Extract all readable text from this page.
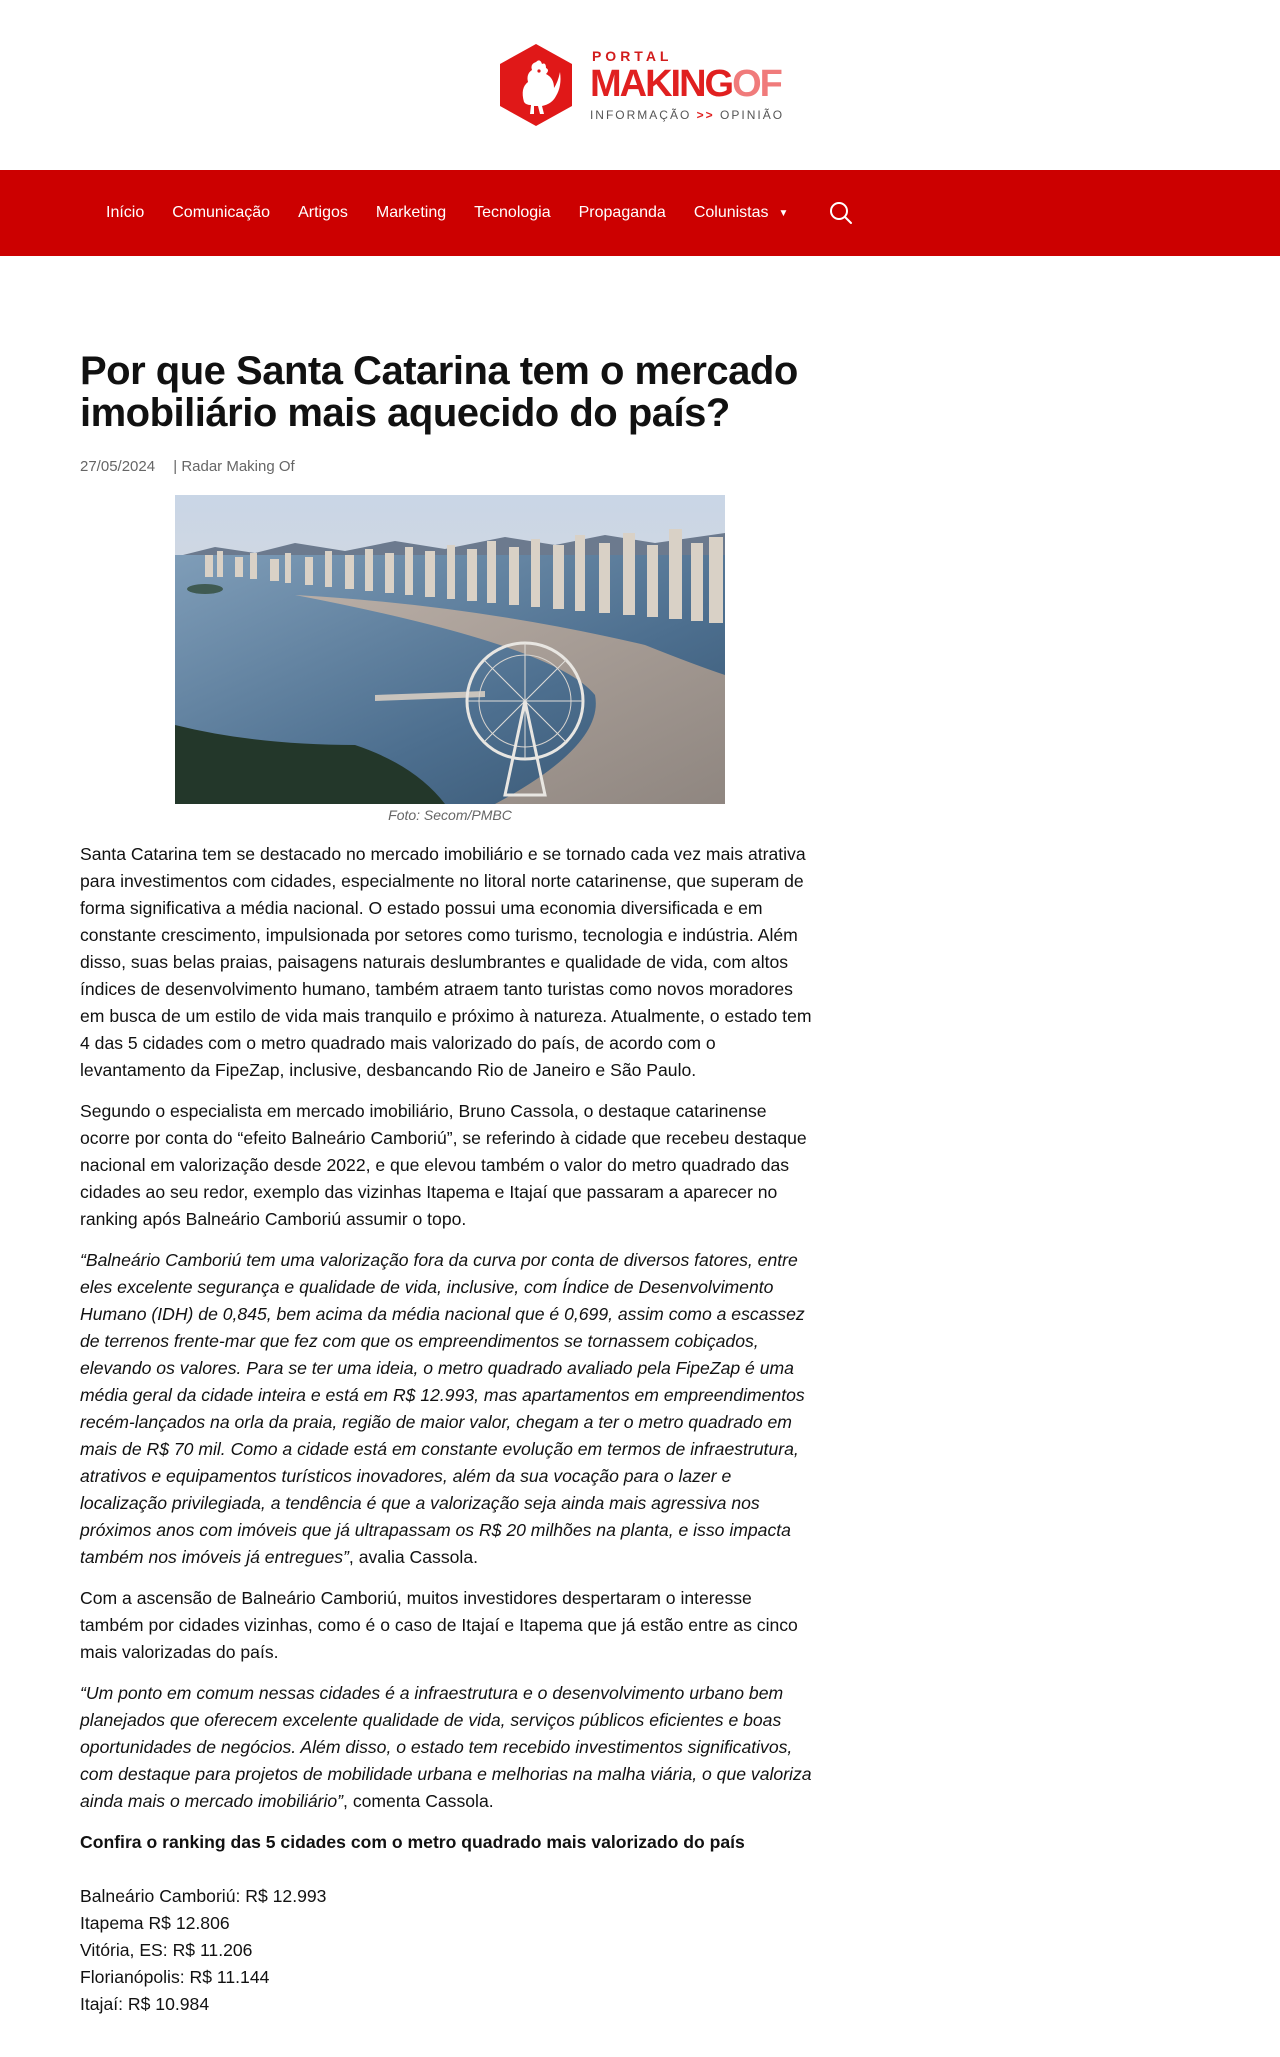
PORTAL
MAKINGOF
INFORMAÇÃO >> OPINIÃO
Início	Comunicação	Artigos	Marketing	Tecnologia	Propaganda	Colunistas ▼
Por que Santa Catarina tem o mercado imobiliário mais aquecido do país?
27/05/2024 | Radar Making Of
Foto: Secom/PMBC

Santa Catarina tem se destacado no mercado imobiliário e se tornado cada vez mais atrativa para investimentos com cidades, especialmente no litoral norte catarinense, que superam de forma significativa a média nacional. O estado possui uma economia diversificada e em constante crescimento, impulsionada por setores como turismo, tecnologia e indústria. Além disso, suas belas praias, paisagens naturais deslumbrantes e qualidade de vida, com altos índices de desenvolvimento humano, também atraem tanto turistas como novos moradores em busca de um estilo de vida mais tranquilo e próximo à natureza. Atualmente, o estado tem 4 das 5 cidades com o metro quadrado mais valorizado do país, de acordo com o levantamento da FipeZap, inclusive, desbancando Rio de Janeiro e São Paulo.

Segundo o especialista em mercado imobiliário, Bruno Cassola, o destaque catarinense ocorre por conta do “efeito Balneário Camboriú”, se referindo à cidade que recebeu destaque nacional em valorização desde 2022, e que elevou também o valor do metro quadrado das cidades ao seu redor, exemplo das vizinhas Itapema e Itajaí que passaram a aparecer no ranking após Balneário Camboriú assumir o topo.

“Balneário Camboriú tem uma valorização fora da curva por conta de diversos fatores, entre eles excelente segurança e qualidade de vida, inclusive, com Índice de Desenvolvimento Humano (IDH) de 0,845, bem acima da média nacional que é 0,699, assim como a escassez de terrenos frente-mar que fez com que os empreendimentos se tornassem cobiçados, elevando os valores. Para se ter uma ideia, o metro quadrado avaliado pela FipeZap é uma média geral da cidade inteira e está em R$ 12.993, mas apartamentos em empreendimentos recém-lançados na orla da praia, região de maior valor, chegam a ter o metro quadrado em mais de R$ 70 mil. Como a cidade está em constante evolução em termos de infraestrutura, atrativos e equipamentos turísticos inovadores, além da sua vocação para o lazer e localização privilegiada, a tendência é que a valorização seja ainda mais agressiva nos próximos anos com imóveis que já ultrapassam os R$ 20 milhões na planta, e isso impacta também nos imóveis já entregues”, avalia Cassola.

Com a ascensão de Balneário Camboriú, muitos investidores despertaram o interesse também por cidades vizinhas, como é o caso de Itajaí e Itapema que já estão entre as cinco mais valorizadas do país.

“Um ponto em comum nessas cidades é a infraestrutura e o desenvolvimento urbano bem planejados que oferecem excelente qualidade de vida, serviços públicos eficientes e boas oportunidades de negócios. Além disso, o estado tem recebido investimentos significativos, com destaque para projetos de mobilidade urbana e melhorias na malha viária, o que valoriza ainda mais o mercado imobiliário”, comenta Cassola.

Confira o ranking das 5 cidades com o metro quadrado mais valorizado do país

Balneário Camboriú: R$ 12.993
Itapema R$ 12.806
Vitória, ES: R$ 11.206
Florianópolis: R$ 11.144
Itajaí: R$ 10.984
